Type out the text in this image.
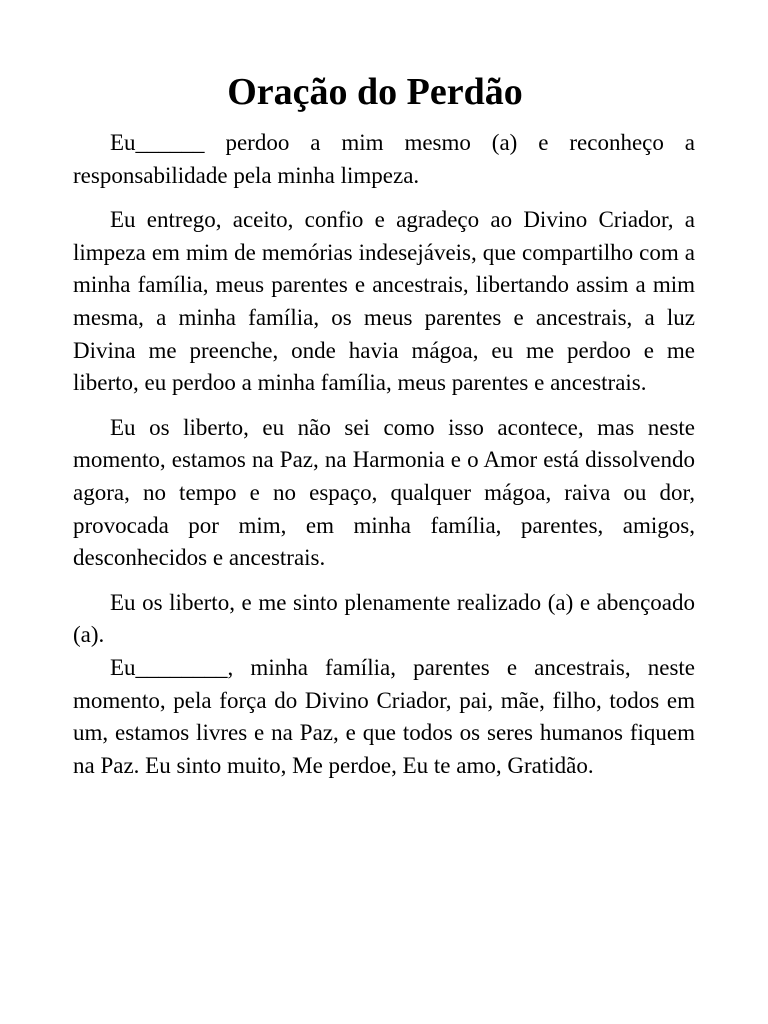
Oração do Perdão

Eu______ perdoo a mim mesmo (a) e reconheço a responsabilidade pela minha limpeza.

Eu entrego, aceito, confio e agradeço ao Divino Criador, a limpeza em mim de memórias indesejáveis, que compartilho com a minha família, meus parentes e ancestrais, libertando assim a mim mesma, a minha família, os meus parentes e ancestrais, a luz Divina me preenche, onde havia mágoa, eu me perdoo e me liberto, eu perdoo a minha família, meus parentes e ancestrais.

Eu os liberto, eu não sei como isso acontece, mas neste momento, estamos na Paz, na Harmonia e o Amor está dissolvendo agora, no tempo e no espaço, qualquer mágoa, raiva ou dor, provocada por mim, em minha família, parentes, amigos, desconhecidos e ancestrais.

Eu os liberto, e me sinto plenamente realizado (a) e abençoado (a).

Eu________, minha família, parentes e ancestrais, neste momento, pela força do Divino Criador, pai, mãe, filho, todos em um, estamos livres e na Paz, e que todos os seres humanos fiquem na Paz. Eu sinto muito, Me perdoe, Eu te amo, Gratidão.
